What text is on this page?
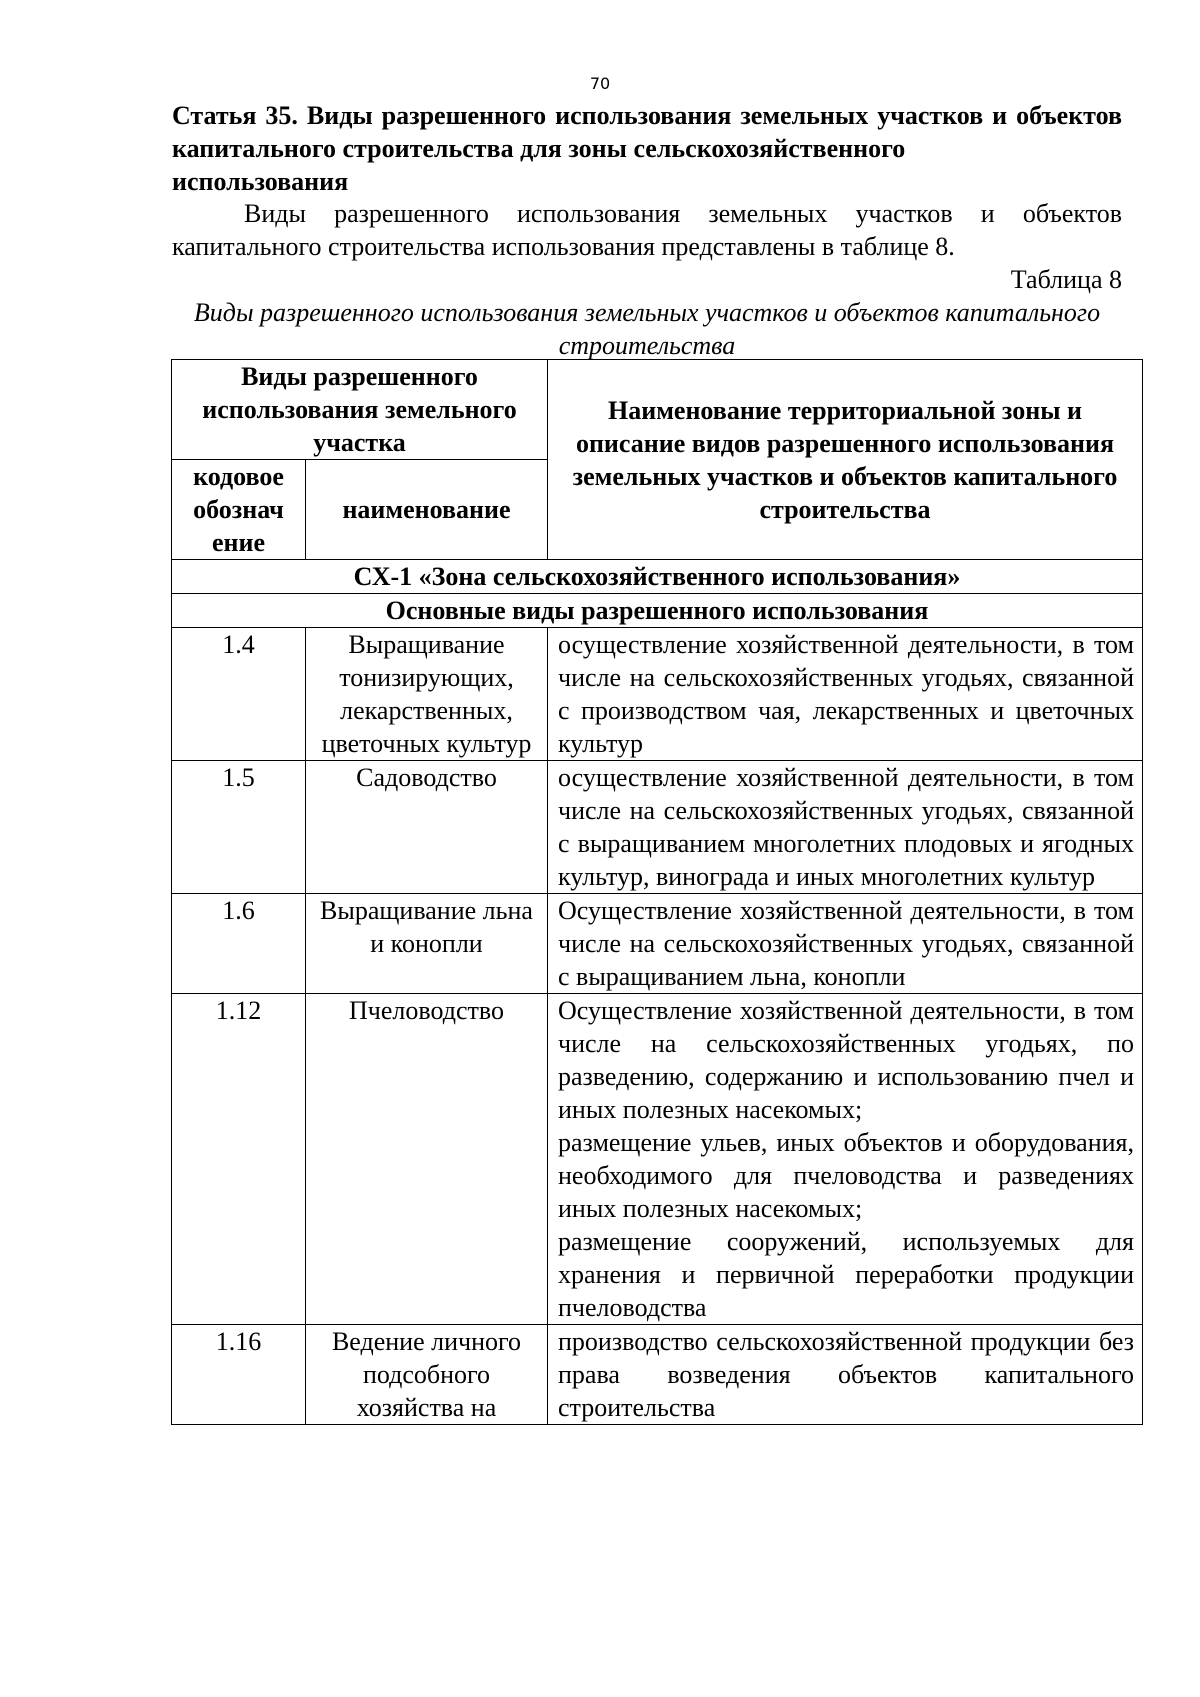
70
Статья 35. Виды разрешенного использования земельных участков и объектов капитального строительства для зоны сельскохозяйственного
использования
Виды разрешенного использования земельных участков и объектов капитального строительства использования представлены в таблице 8.
Таблица 8
Виды разрешенного использования земельных участков и объектов капитального строительства
Виды разрешенного использования земельного участка		Наименование территориальной зоны и описание видов разрешенного использования земельных участков и объектов капитального строительства
кодовое обознач ение	наименование	
СХ-1 «Зона сельскохозяйственного использования»		
Основные виды разрешенного использования		
1.4	Выращивание тонизирующих, лекарственных, цветочных культур	осуществление хозяйственной деятельности, в том числе на сельскохозяйственных угодьях, связанной с производством чая, лекарственных и цветочных культур

1.5	Садоводство	осуществление хозяйственной деятельности, в том числе на сельскохозяйственных угодьях, связанной с выращиванием многолетних плодовых и ягодных культур, винограда и иных многолетних культур

1.6	Выращивание льна и конопли	Осуществление хозяйственной деятельности, в том числе на сельскохозяйственных угодьях, связанной с выращиванием льна, конопли

1.12	Пчеловодство	Осуществление хозяйственной деятельности, в том числе на сельскохозяйственных угодьях, по разведению, содержанию и использованию пчел и иных полезных насекомых;

размещение ульев, иных объектов и оборудования, необходимого для пчеловодства и разведениях иных полезных насекомых;

размещение сооружений, используемых для хранения и первичной переработки продукции пчеловодства

1.16	Ведение личного подсобного хозяйства на	производство сельскохозяйственной продукции без права возведения объектов капитального строительства
